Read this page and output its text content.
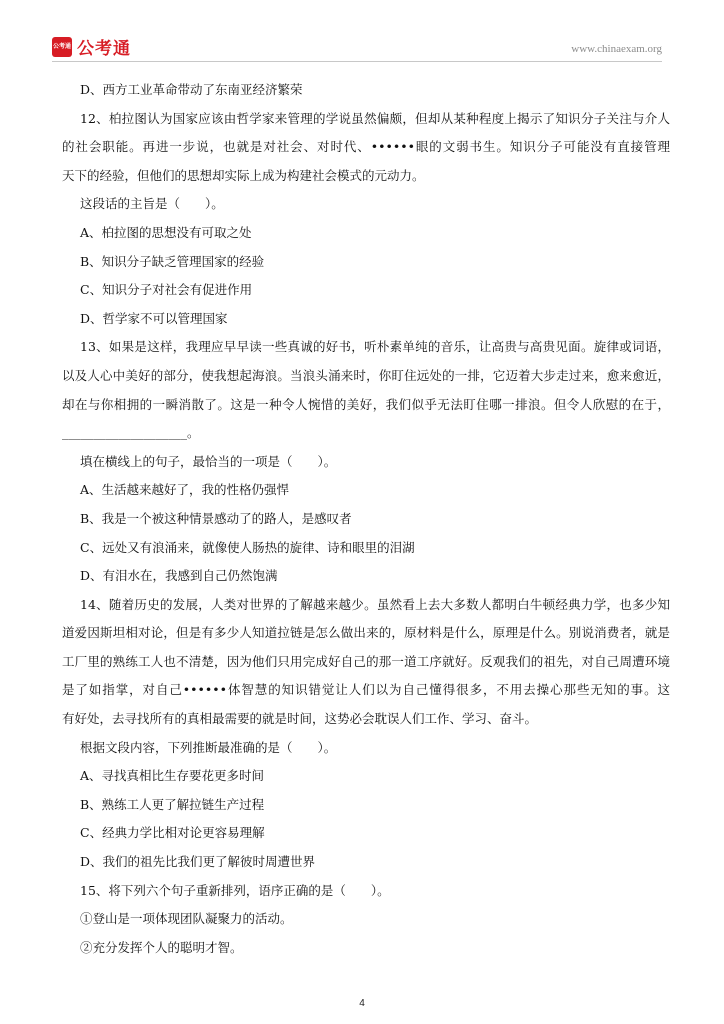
公考通 公考通	www.chinaexam.org
D、西方工业革命带动了东南亚经济繁荣
12、柏拉图认为国家应该由哲学家来管理的学说虽然偏颇，但却从某种程度上揭示了知识分子关注与介人
的社会职能。再进一步说，也就是对社会、对时代、••••••眼的文弱书生。知识分子可能没有直接管理
天下的经验，但他们的思想却实际上成为构建社会模式的元动力。
这段话的主旨是（　　）。
A、柏拉图的思想没有可取之处
B、知识分子缺乏管理国家的经验
C、知识分子对社会有促进作用
D、哲学家不可以管理国家
13、如果是这样，我理应早早读一些真诚的好书，听朴素单纯的音乐，让高贵与高贵见面。旋律或词语，
以及人心中美好的部分，使我想起海浪。当浪头涌来时，你盯住远处的一排，它迈着大步走过来，愈来愈近，
却在与你相拥的一瞬消散了。这是一种令人惋惜的美好，我们似乎无法盯住哪一排浪。但令人欣慰的在于，
____________________。
填在横线上的句子，最恰当的一项是（　　）。
A、生活越来越好了，我的性格仍强悍
B、我是一个被这种情景感动了的路人，是感叹者
C、远处又有浪涌来，就像使人肠热的旋律、诗和眼里的泪湖
D、有泪水在，我感到自己仍然饱满
14、随着历史的发展，人类对世界的了解越来越少。虽然看上去大多数人都明白牛顿经典力学，也多少知
道爱因斯坦相对论，但是有多少人知道拉链是怎么做出来的，原材料是什么，原理是什么。别说消费者，就是
工厂里的熟练工人也不清楚，因为他们只用完成好自己的那一道工序就好。反观我们的祖先，对自己周遭环境
是了如指掌，对自己••••••体智慧的知识错觉让人们以为自己懂得很多，不用去操心那些无知的事。这
有好处，去寻找所有的真相最需要的就是时间，这势必会耽误人们工作、学习、奋斗。
根据文段内容，下列推断最准确的是（　　）。
A、寻找真相比生存要花更多时间
B、熟练工人更了解拉链生产过程
C、经典力学比相对论更容易理解
D、我们的祖先比我们更了解彼时周遭世界
15、将下列六个句子重新排列，语序正确的是（　　）。
①登山是一项体现团队凝聚力的活动。
②充分发挥个人的聪明才智。
4
